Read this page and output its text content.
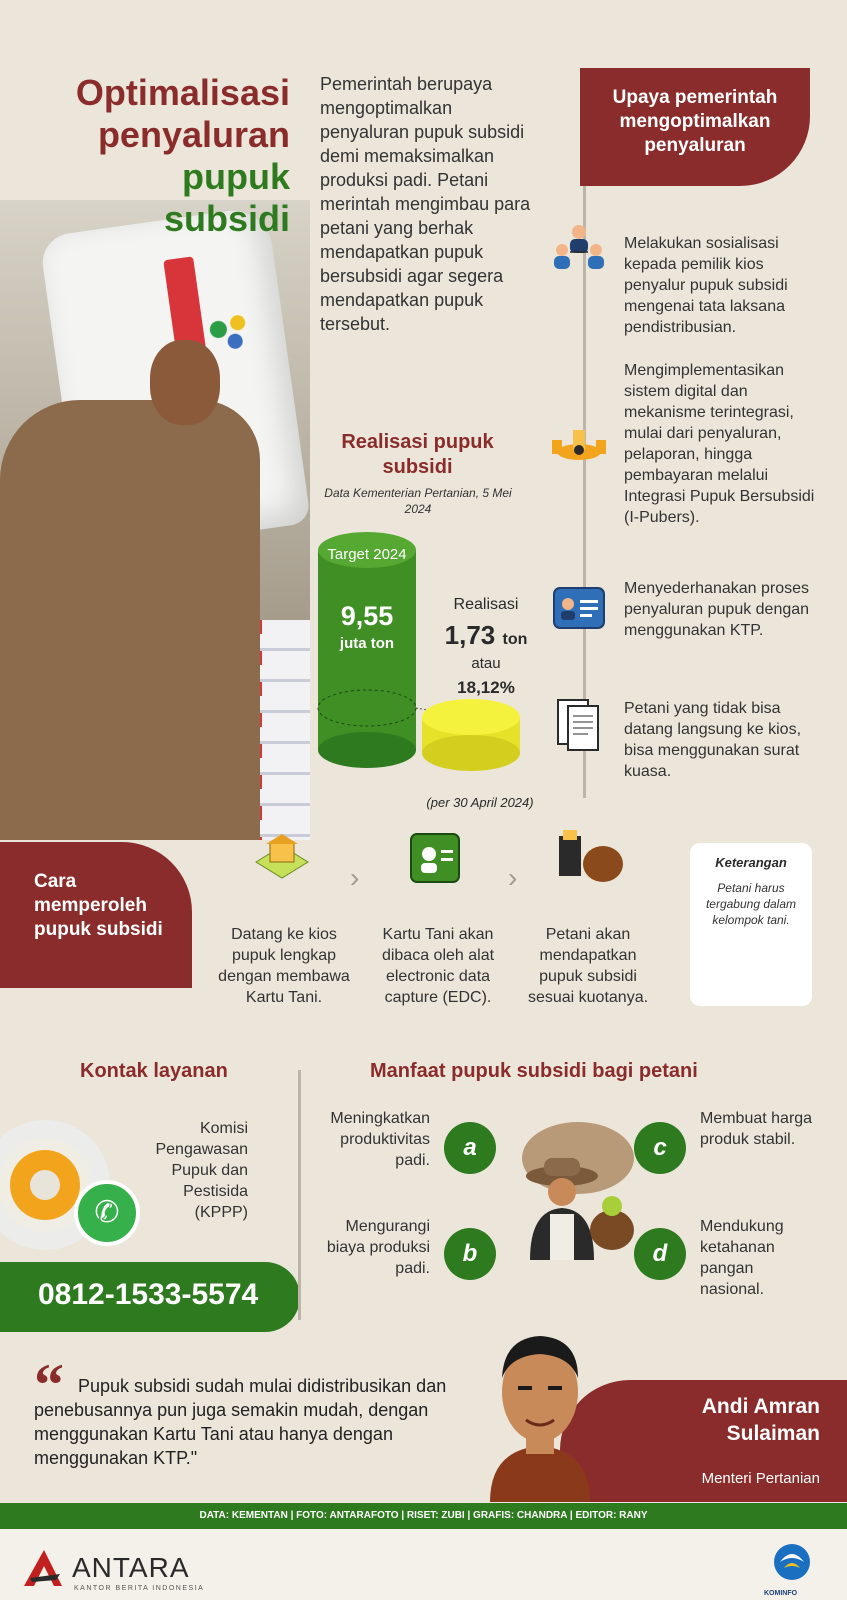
Optimalisasi
penyaluran
pupuk
subsidi
Pemerintah berupaya mengoptimalkan penyaluran pupuk subsidi demi memaksimalkan produksi padi. Petani merintah mengimbau para petani yang berhak mendapatkan pupuk bersubsidi agar segera mendapatkan pupuk tersebut.
Upaya pemerintah mengoptimalkan penyaluran
Melakukan sosialisasi kepada pemilik kios penyalur pupuk subsidi mengenai tata laksana pendistribusian.
Mengimplementasikan sistem digital dan mekanisme terintegrasi, mulai dari penyaluran, pelaporan, hingga pembayaran melalui Integrasi Pupuk Bersubsidi (I-Pubers).
Menyederhanakan proses penyaluran pupuk dengan menggunakan KTP.
Petani yang tidak bisa datang langsung ke kios, bisa menggunakan surat kuasa.
Realisasi pupuk subsidi
Data Kementerian Pertanian, 5 Mei 2024
Target 2024
9,55
juta ton
Realisasi
1,73 ton
atau
18,12%
(per 30 April 2024)
Cara memperoleh pupuk subsidi
›	›
Datang ke kios pupuk lengkap dengan membawa Kartu Tani.
Kartu Tani akan dibaca oleh alat electronic data capture (EDC).
Petani akan mendapatkan pupuk subsidi sesuai kuotanya.
Keterangan
Petani harus tergabung dalam kelompok tani.
Kontak layanan
✆
Komisi Pengawasan Pupuk dan Pestisida (KPPP)
0812-1533-5574
Manfaat pupuk subsidi bagi petani
Meningkatkan produktivitas padi.	a
Mengurangi biaya produksi padi.
b
c
Membuat harga produk stabil.
d
Mendukung ketahanan pangan nasional.
“ Pupuk subsidi sudah mulai didistribusikan dan penebusannya pun juga semakin mudah, dengan menggunakan Kartu Tani atau hanya dengan menggunakan KTP."
Andi Amran Sulaiman
Menteri Pertanian
DATA: KEMENTAN | FOTO: ANTARAFOTO | RISET: ZUBI | GRAFIS: CHANDRA | EDITOR: RANY
ANTARA
KANTOR BERITA INDONESIA
KOMINFO
